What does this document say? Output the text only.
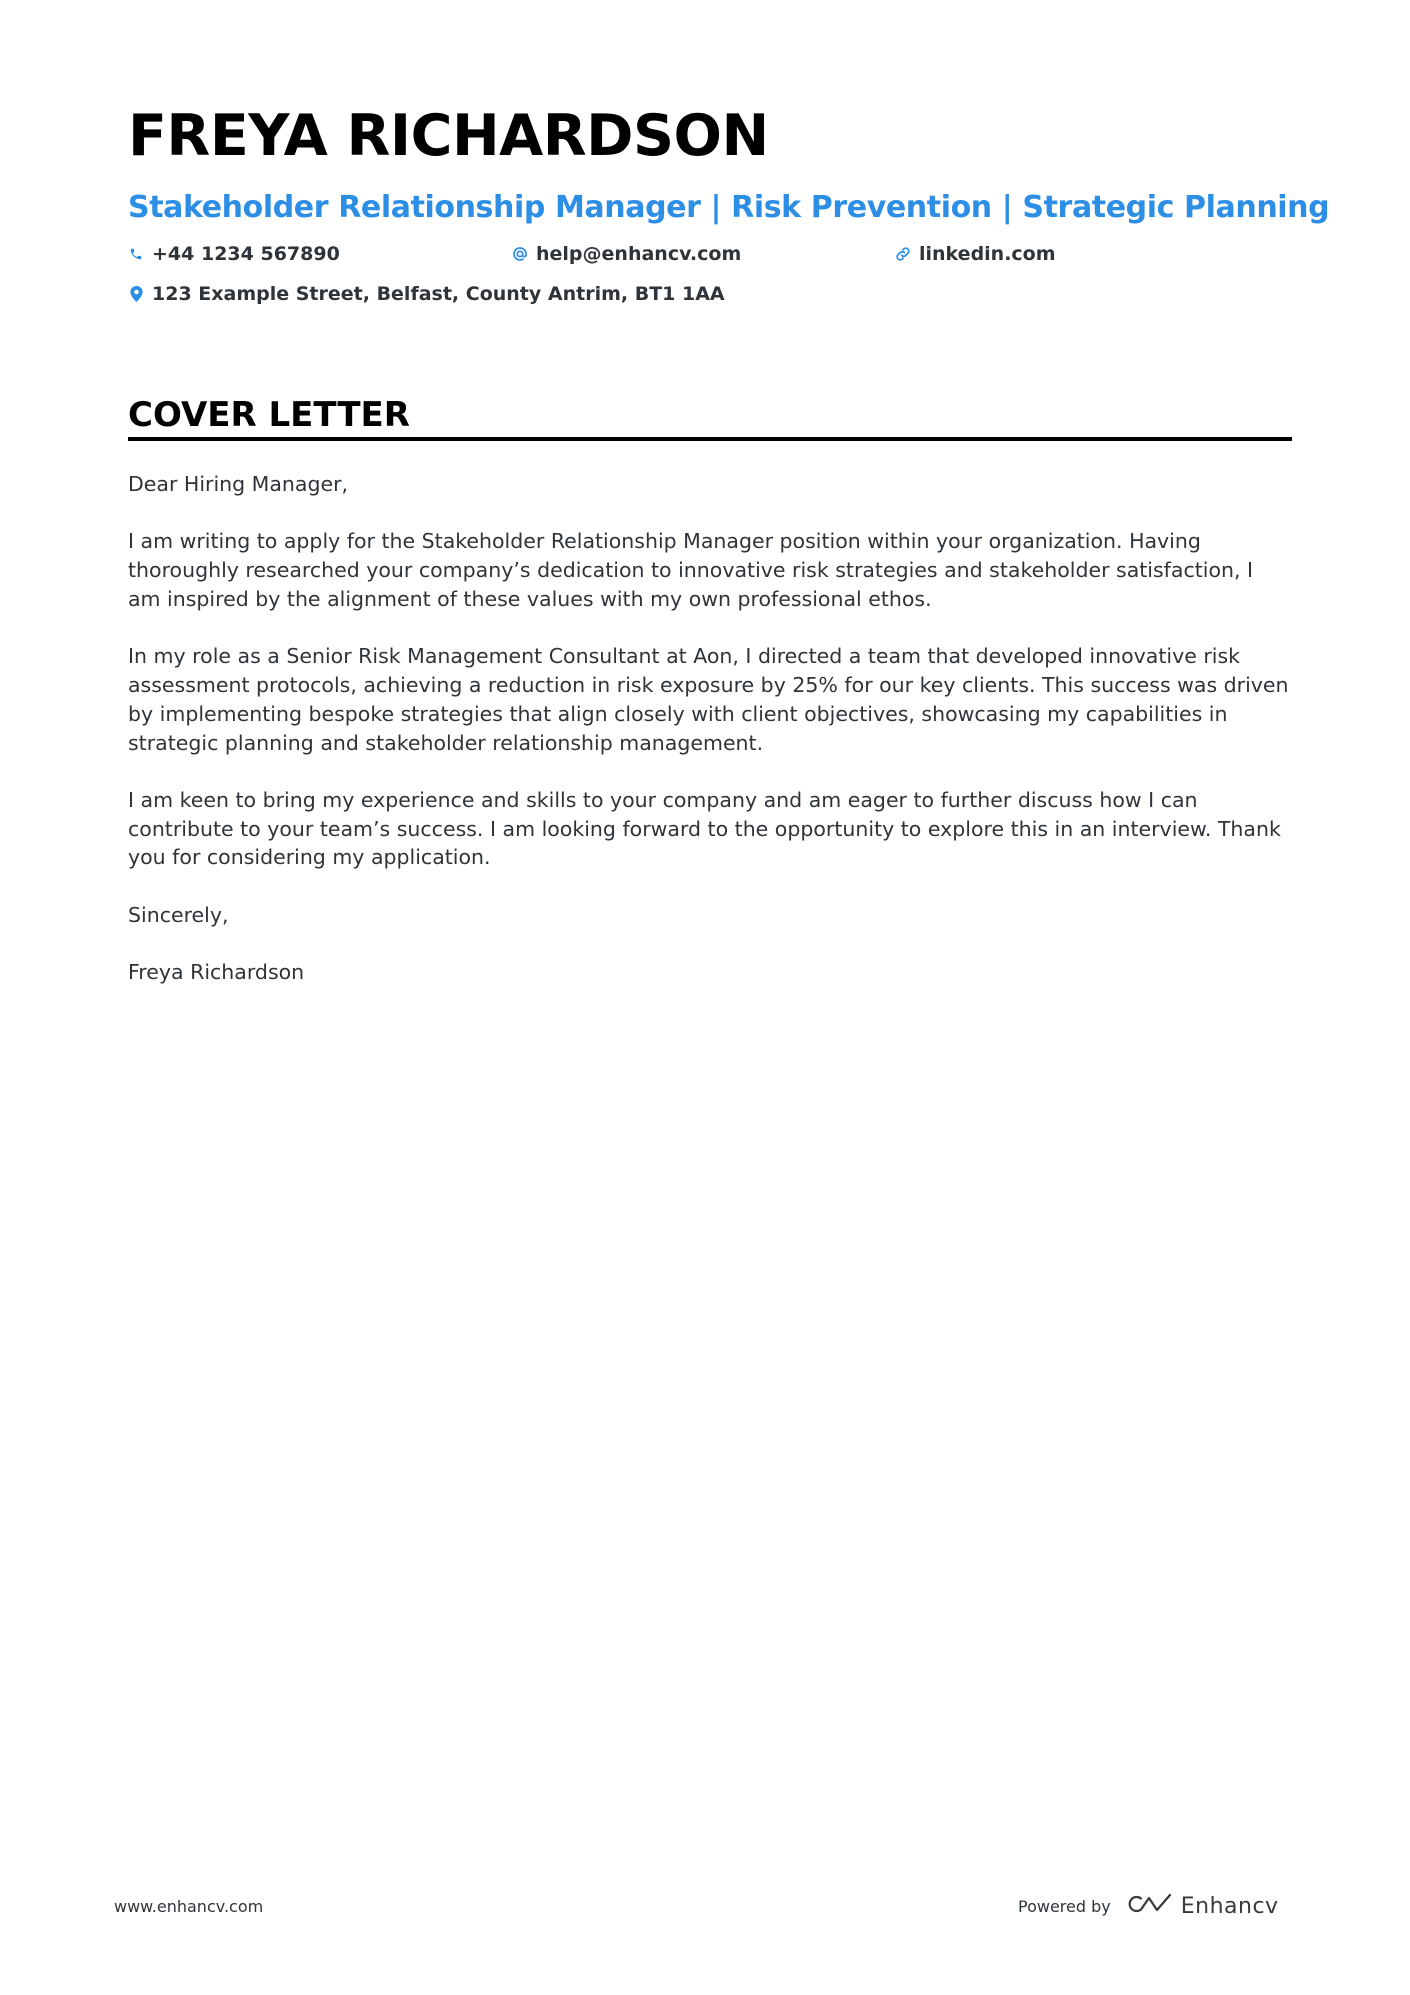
FREYA RICHARDSON
Stakeholder Relationship Manager | Risk Prevention | Strategic Planning
+44 1234 567890	help@enhancv.com	linkedin.com
123 Example Street, Belfast, County Antrim, BT1 1AA
COVER LETTER

Dear Hiring Manager,

I am writing to apply for the Stakeholder Relationship Manager position within your organization. Having thoroughly researched your company’s dedication to innovative risk strategies and stakeholder satisfaction, I am inspired by the alignment of these values with my own professional ethos.

In my role as a Senior Risk Management Consultant at Aon, I directed a team that developed innovative risk assessment protocols, achieving a reduction in risk exposure by 25% for our key clients. This success was driven by implementing bespoke strategies that align closely with client objectives, showcasing my capabilities in strategic planning and stakeholder relationship management.

I am keen to bring my experience and skills to your company and am eager to further discuss how I can contribute to your team’s success. I am looking forward to the opportunity to explore this in an interview. Thank you for considering my application.

Sincerely,

Freya Richardson

www.enhancv.com	Powered by	Enhancv
